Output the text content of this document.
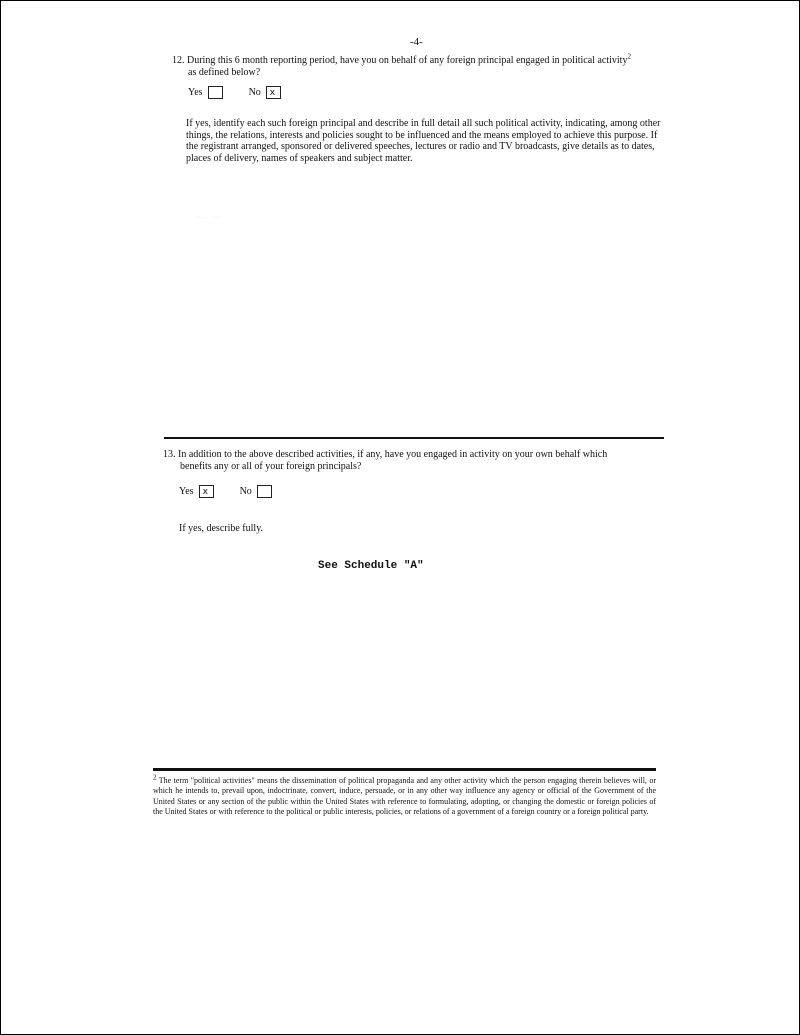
-4-
12. During this 6 month reporting period, have you on behalf of any foreign principal engaged in political activity$^2$
as defined below?
Yes	No x
If yes, identify each such foreign principal and describe in full detail all such political activity, indicating, among other things, the relations, interests and policies sought to be influenced and the means employed to achieve this purpose. If the registrant arranged, sponsored or delivered speeches, lectures or radio and TV broadcasts, give details as to dates, places of delivery, names of speakers and subject matter.
····  ···
13. In addition to the above described activities, if any, have you engaged in activity on your own behalf which
benefits any or all of your foreign principals?
Yes x	No
If yes, describe fully.
See Schedule "A"
$^2$ The term "political activities" means the dissemination of political propaganda and any other activity which the person engaging therein believes will, or which he intends to, prevail upon, indoctrinate, convert, induce, persuade, or in any other way influence any agency or official of the Government of the United States or any section of the public within the United States with reference to formulating, adopting, or changing the domestic or foreign policies of the United States or with reference to the political or public interests, policies, or relations of a government of a foreign country or a foreign political party.
